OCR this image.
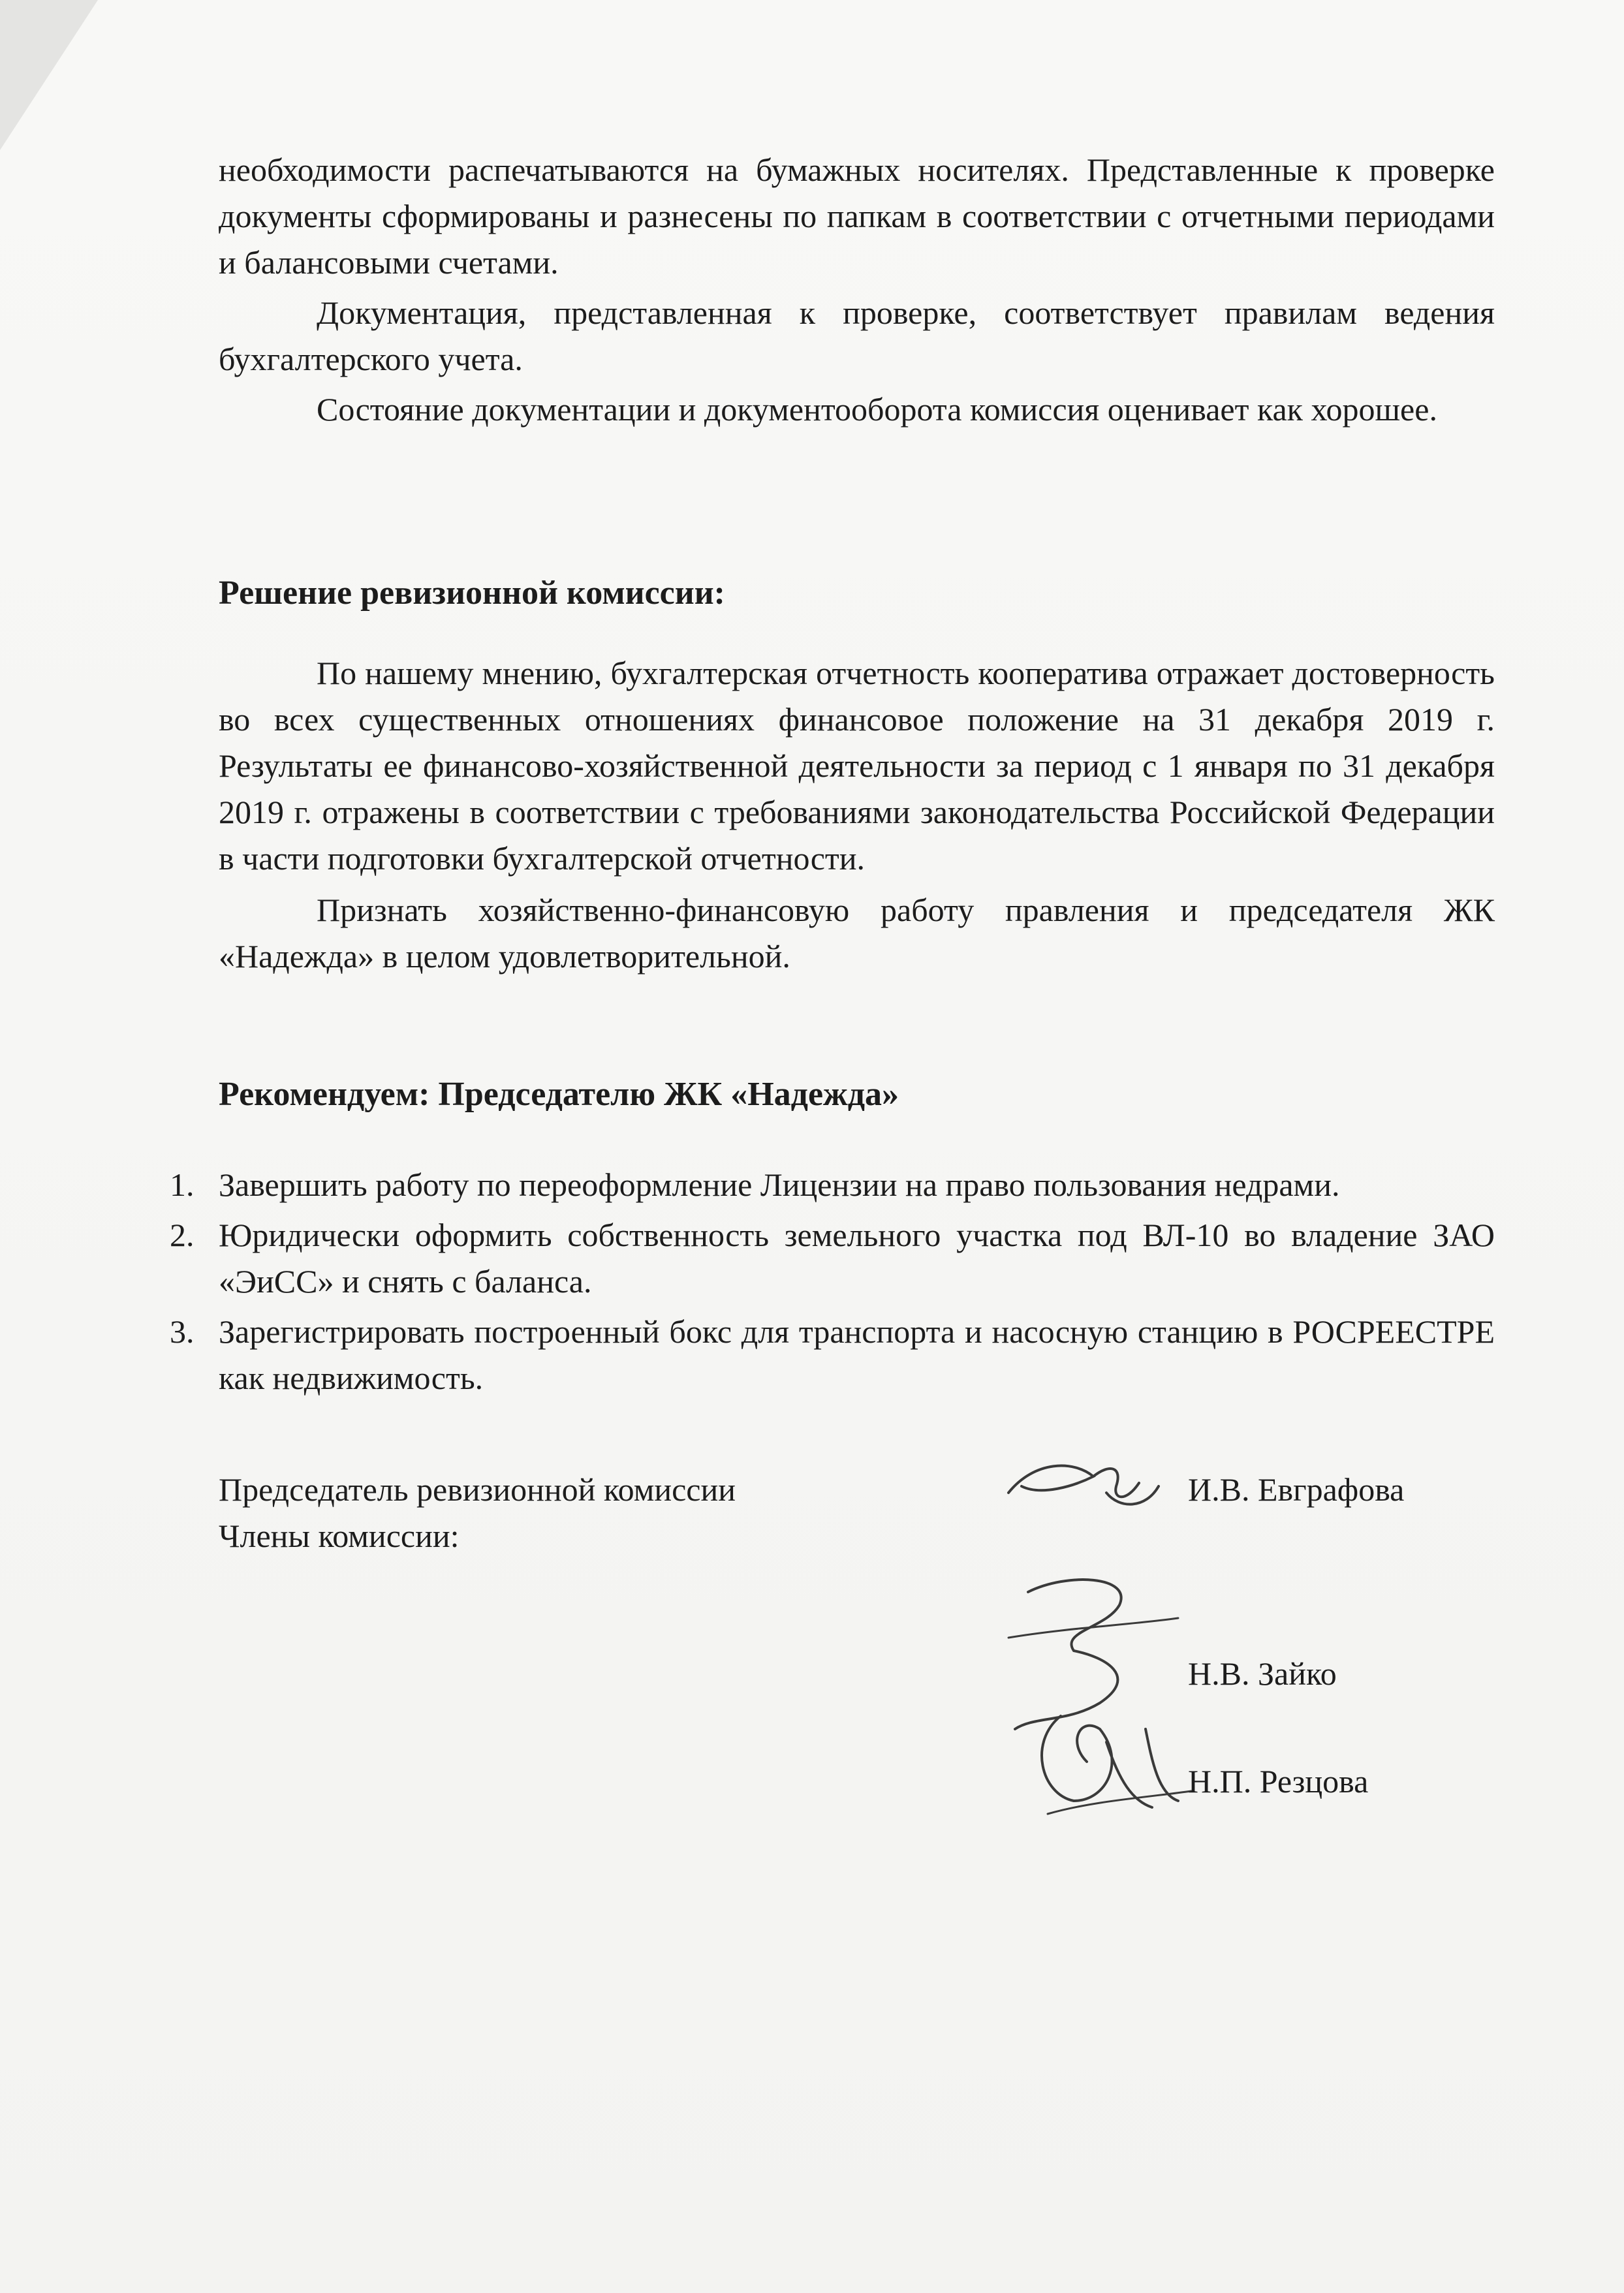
необходимости распечатываются на бумажных носителях. Представленные к проверке документы сформированы и разнесены по папкам в соответствии с отчетными периодами и балансовыми счетами.

Документация, представленная к проверке, соответствует правилам ведения бухгалтерского учета.

Состояние документации и документооборота комиссия оценивает как хорошее.

Решение ревизионной комиссии:

По нашему мнению, бухгалтерская отчетность кооператива отражает достоверность во всех существенных отношениях финансовое положение на 31 декабря 2019 г. Результаты ее финансово-хозяйственной деятельности за период с 1 января по 31 декабря 2019 г. отражены в соответствии с требованиями законодательства Российской Федерации в части подготовки бухгалтерской отчетности.

Признать хозяйственно-финансовую работу правления и председателя ЖК «Надежда» в целом удовлетворительной.

Рекомендуем: Председателю ЖК «Надежда»
1. Завершить работу по переоформление Лицензии на право пользования недрами.
2. Юридически оформить собственность земельного участка под ВЛ-10 во владение ЗАО «ЭиСС» и снять с баланса.
3. Зарегистрировать построенный бокс для транспорта и насосную станцию в РОСРЕЕСТРЕ как недвижимость.
Председатель ревизионной комиссии	И.В. Евграфова
Члены комиссии:
Н.В. Зайко
Н.П. Резцова
